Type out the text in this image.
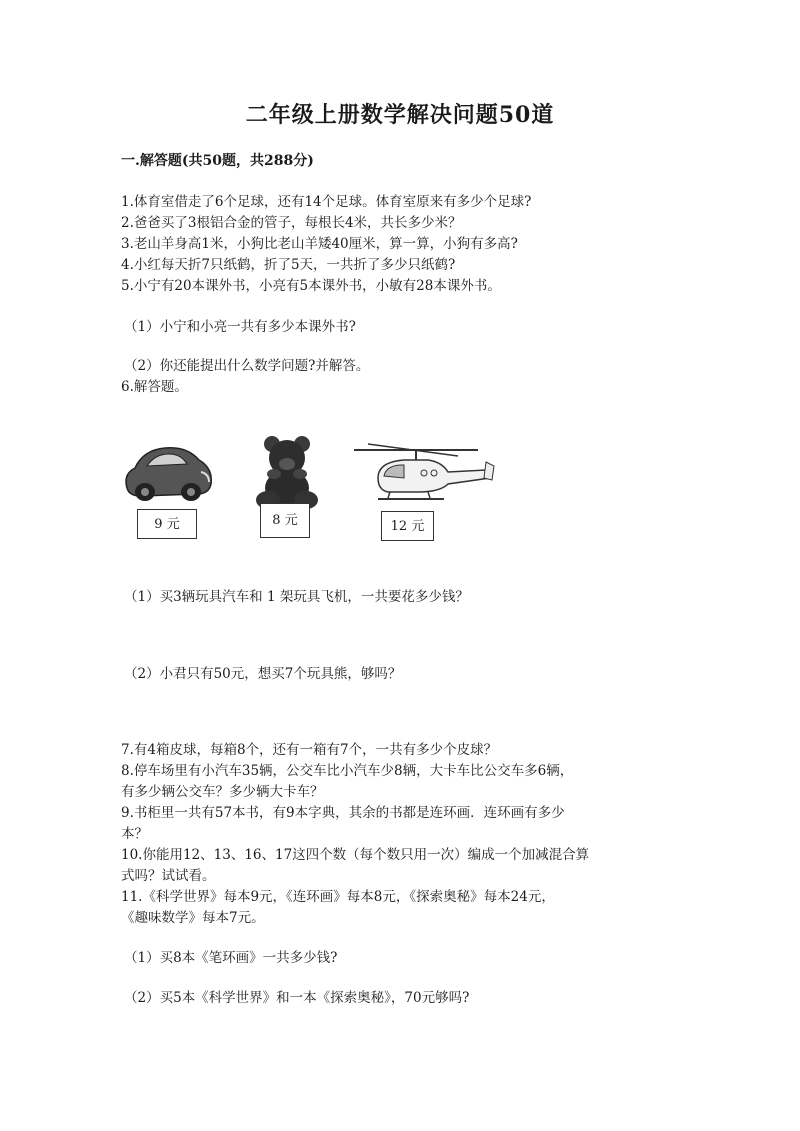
二年级上册数学解决问题50道
一.解答题(共50题，共288分)
1.体育室借走了6个足球，还有14个足球。体育室原来有多少个足球?
2.爸爸买了3根铝合金的管子，每根长4米，共长多少米？
3.老山羊身高1米，小狗比老山羊矮40厘米，算一算，小狗有多高?
4.小红每天折7只纸鹤，折了5天，一共折了多少只纸鹤?
5.小宁有20本课外书，小亮有5本课外书，小敏有28本课外书。
（1）小宁和小亮一共有多少本课外书?
（2）你还能提出什么数学问题?并解答。
6.解答题。
9 元	8 元	12 元
（1）买3辆玩具汽车和 1 架玩具飞机，一共要花多少钱？
（2）小君只有50元，想买7个玩具熊，够吗？
7.有4箱皮球，每箱8个，还有一箱有7个，一共有多少个皮球？
8.停车场里有小汽车35辆，公交车比小汽车少8辆，大卡车比公交车多6辆，
有多少辆公交车？多少辆大卡车？
9.书柜里一共有57本书，有9本字典，其余的书都是连环画．连环画有多少
本？
10.你能用12、13、16、17这四个数（每个数只用一次）编成一个加减混合算
式吗？试试看。
11.《科学世界》每本9元，《连环画》每本8元，《探索奥秘》每本24元，
《趣味数学》每本7元。
（1）买8本《笔环画》一共多少钱?
（2）买5本《科学世界》和一本《探索奥秘》，70元够吗?
